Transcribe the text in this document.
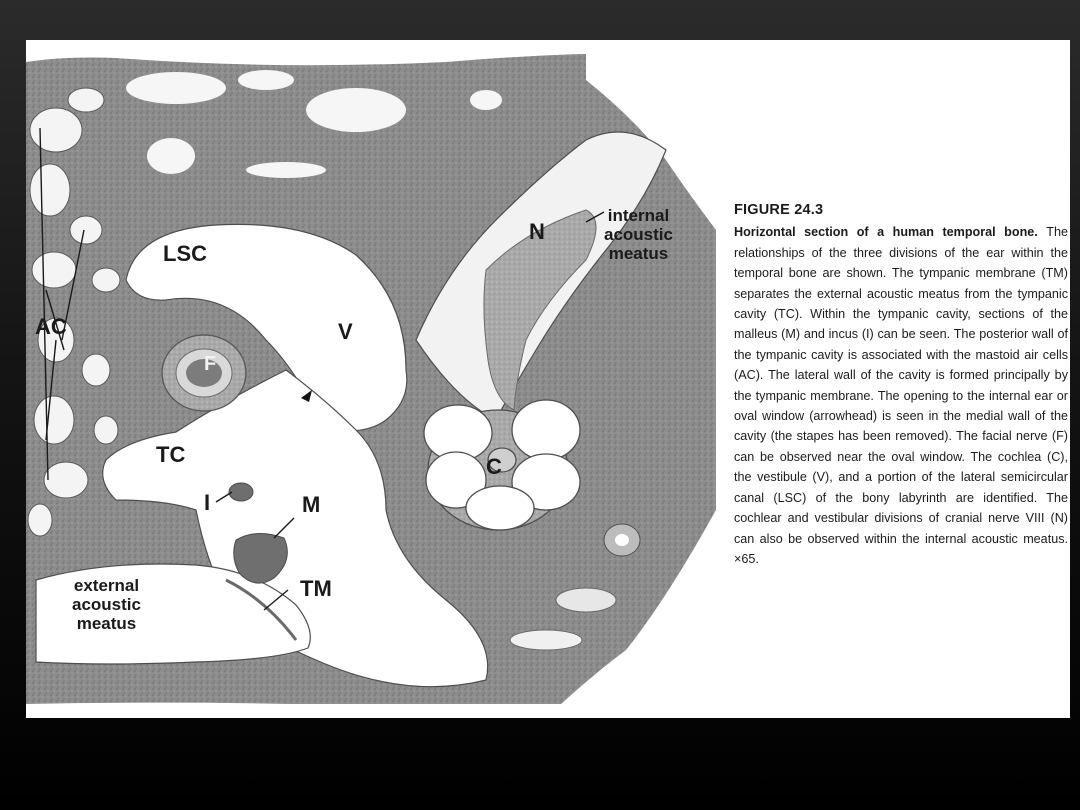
LSC
AC
F
V
TC
I	M
TM
N
C
external
acoustic
meatus
internal
acoustic
meatus
FIGURE 24.3
Horizontal section of a human temporal bone. The relationships of the three divisions of the ear within the temporal bone are shown. The tympanic membrane (TM) separates the external acoustic meatus from the tympanic cavity (TC). Within the tympanic cavity, sections of the malleus (M) and incus (I) can be seen. The posterior wall of the tympanic cavity is associated with the mastoid air cells (AC). The lateral wall of the cavity is formed principally by the tympanic membrane. The opening to the internal ear or oval window (arrowhead) is seen in the medial wall of the cavity (the stapes has been removed). The facial nerve (F) can be observed near the oval window. The cochlea (C), the vestibule (V), and a portion of the lateral semicircular canal (LSC) of the bony labyrinth are identified. The cochlear and vestibular divisions of cranial nerve VIII (N) can also be observed within the internal acoustic meatus. ×65.
